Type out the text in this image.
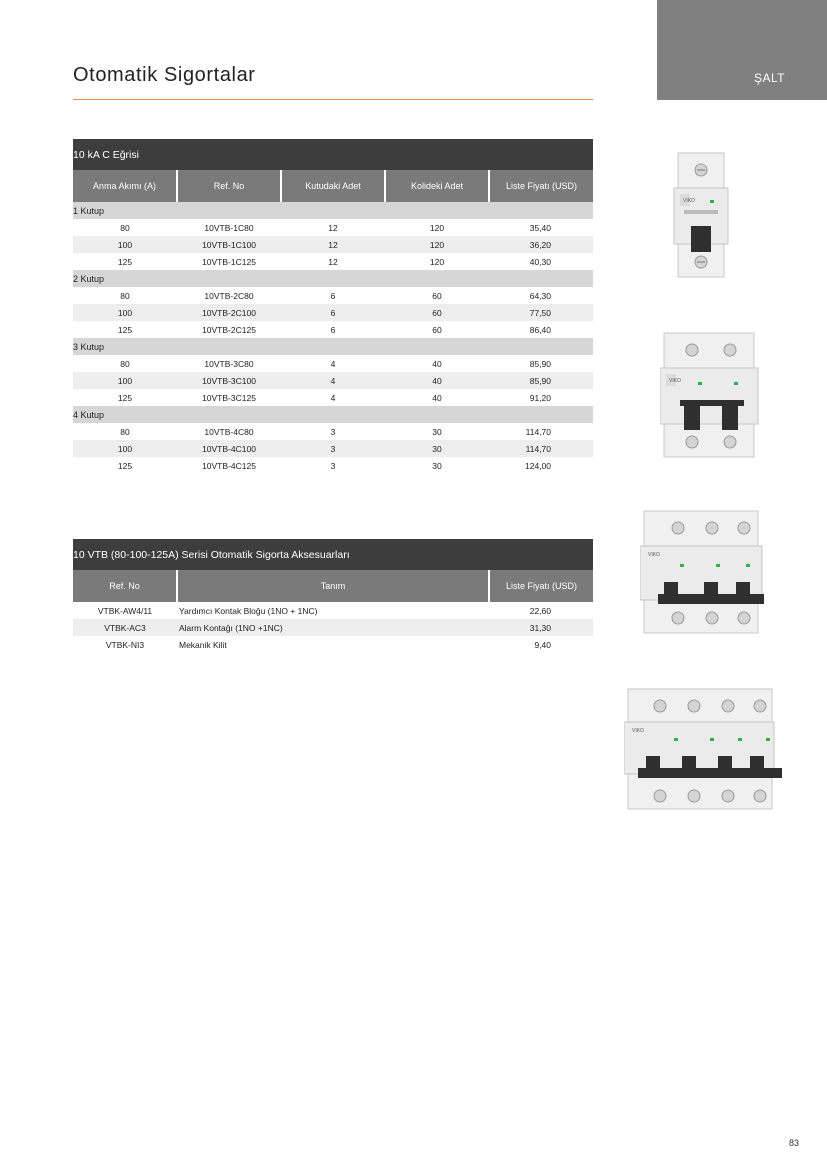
ŞALT
Otomatik Sigortalar
10 kA C Eğrisi				
Anma Akımı (A)	Ref. No	Kutudaki Adet	Kolideki Adet	Liste Fiyatı (USD)
1 Kutup				
80	10VTB-1C80	12	120	35,40
100	10VTB-1C100	12	120	36,20
125	10VTB-1C125	12	120	40,30
2 Kutup				
80	10VTB-2C80	6	60	64,30
100	10VTB-2C100	6	60	77,50
125	10VTB-2C125	6	60	86,40
3 Kutup				
80	10VTB-3C80	4	40	85,90
100	10VTB-3C100	4	40	85,90
125	10VTB-3C125	4	40	91,20
4 Kutup				
80	10VTB-4C80	3	30	114,70
100	10VTB-4C100	3	30	114,70
125	10VTB-4C125	3	30	124,00
10 VTB (80-100-125A) Serisi Otomatik Sigorta Aksesuarları		
Ref. No	Tanım	Liste Fiyatı (USD)
VTBK-AW4/11	Yardımcı Kontak Bloğu (1NO + 1NC)	22,60
VTBK-AC3	Alarm Kontağı (1NO +1NC)	31,30
VTBK-NI3	Mekanik Kilit	9,40
VIKO
VIKO
VIKO
VIKO
83
